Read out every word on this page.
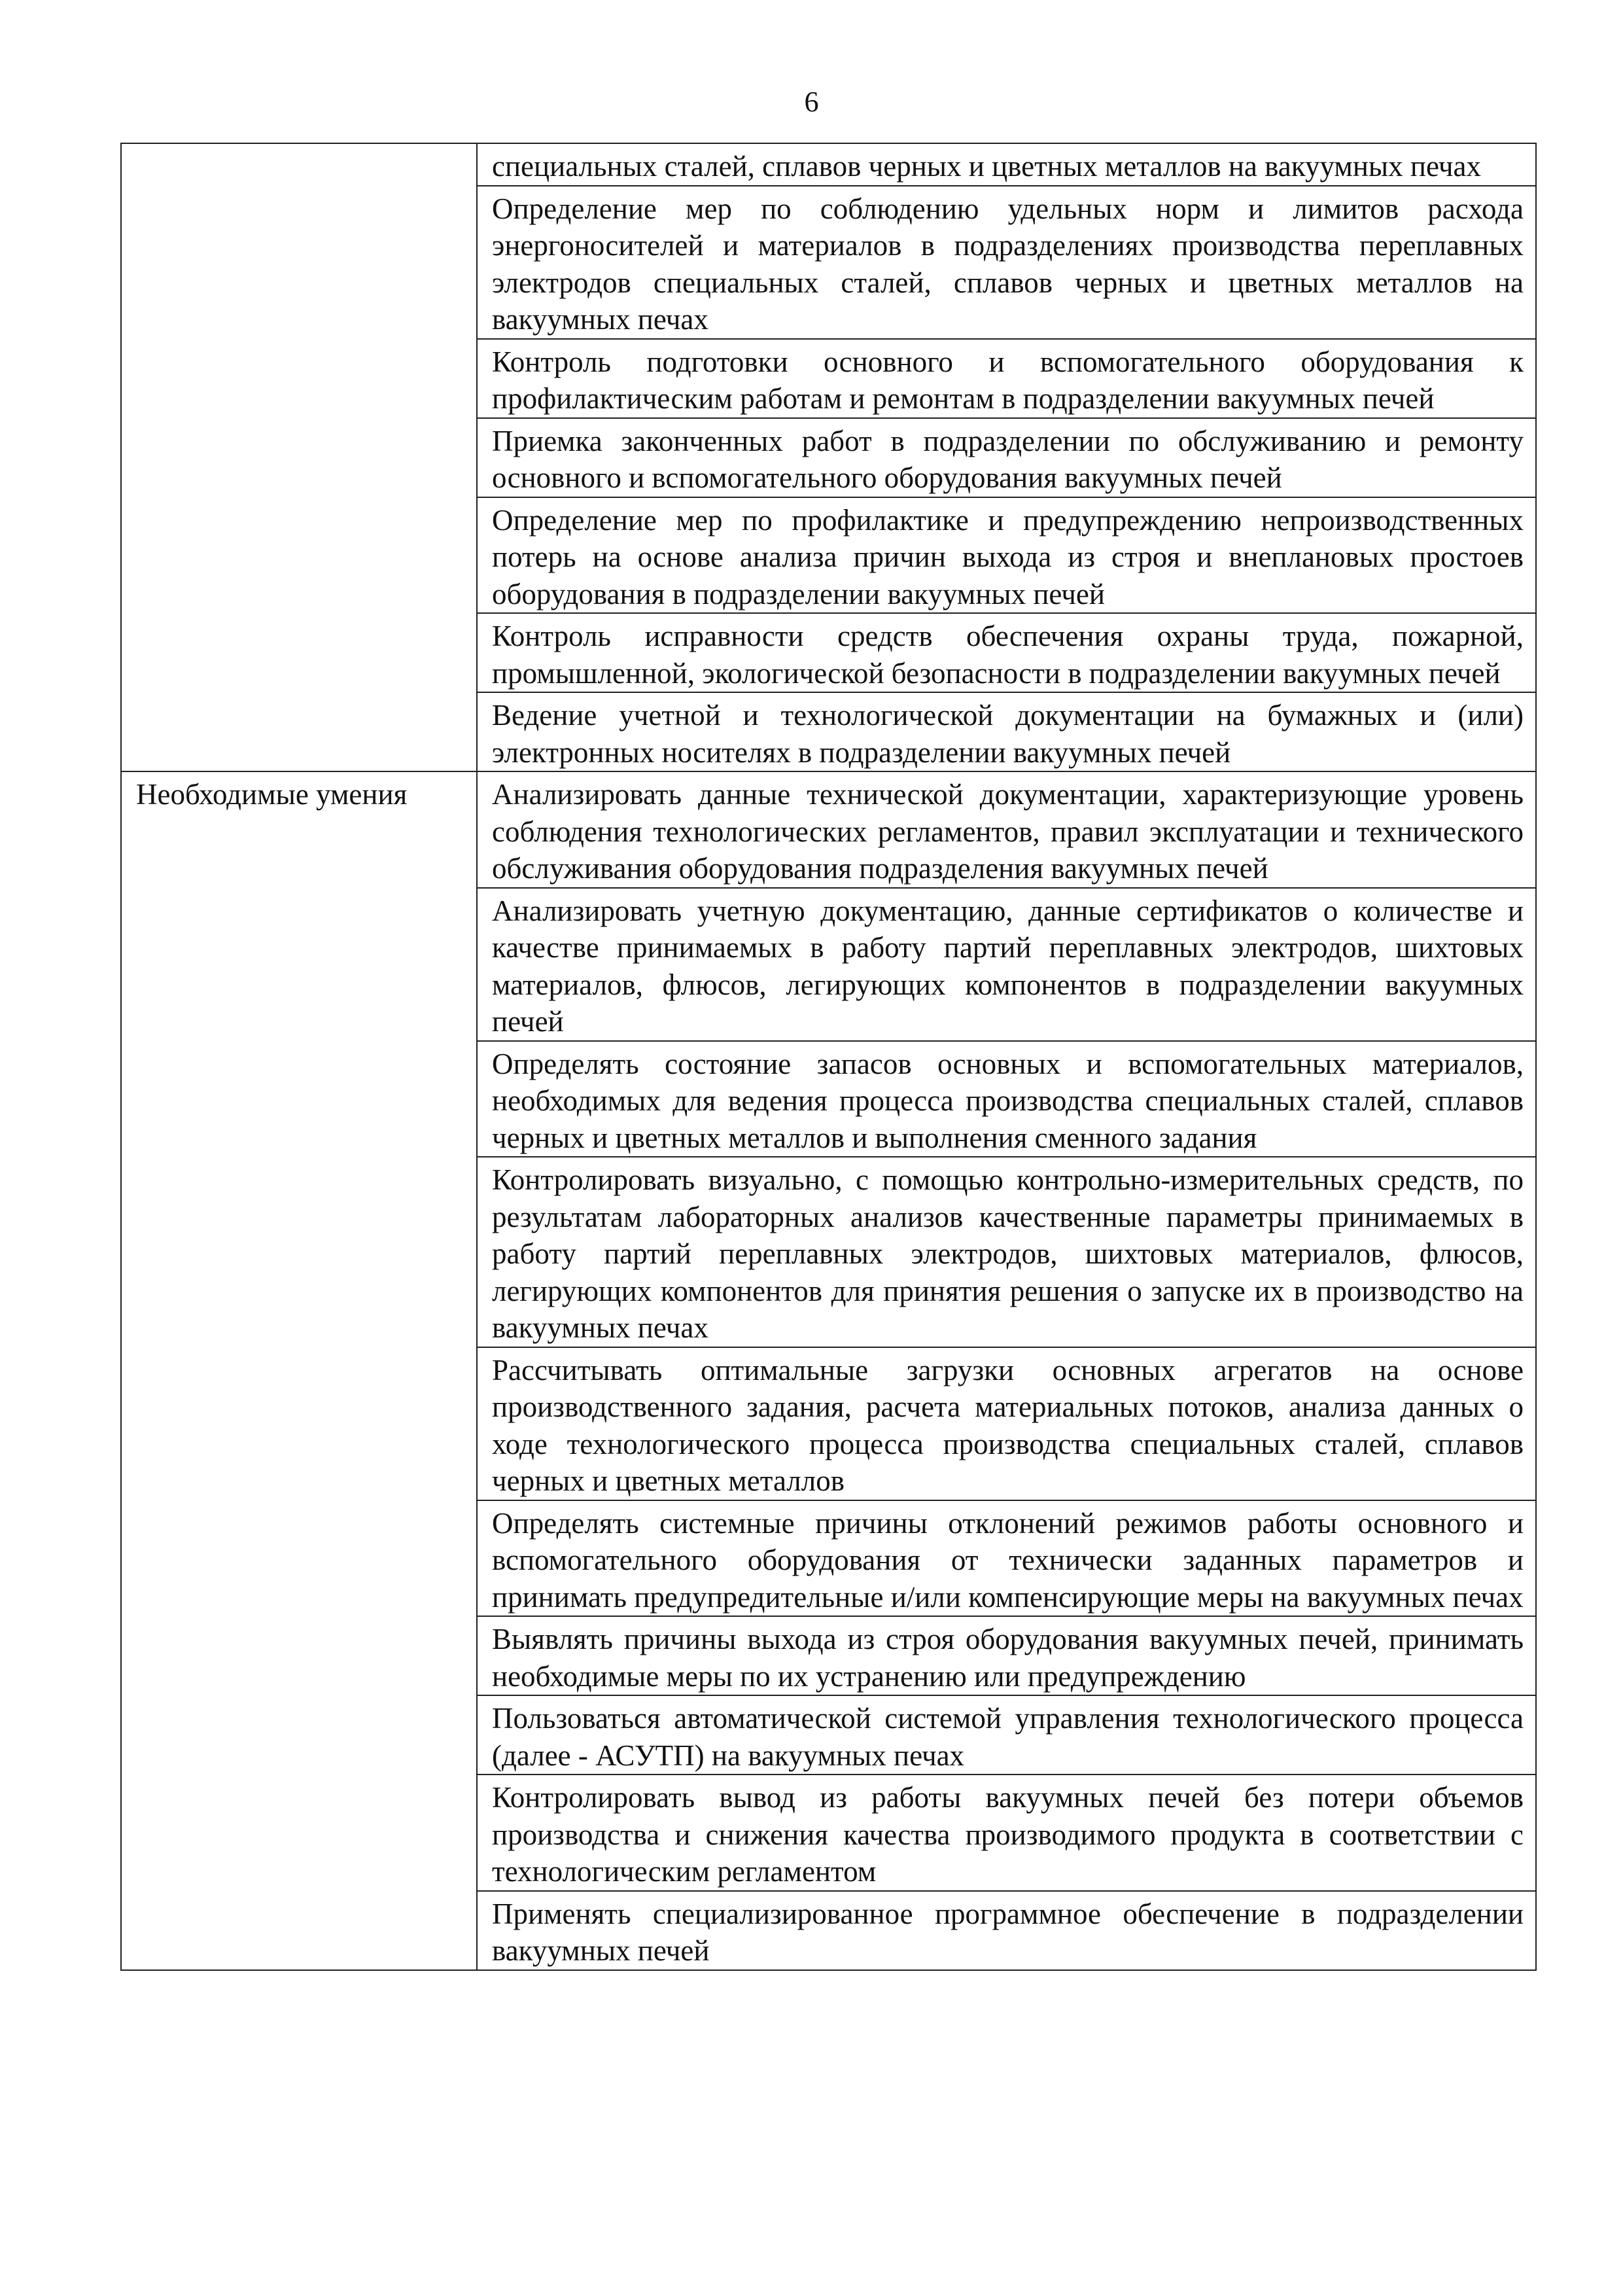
6
	специальных сталей, сплавов черных и цветных металлов на вакуумных печах
	Определение мер по соблюдению удельных норм и лимитов расхода энергоносителей и материалов в подразделениях производства переплавных электродов специальных сталей, сплавов черных и цветных металлов на вакуумных печах
	Контроль подготовки основного и вспомогательного оборудования к профилактическим работам и ремонтам в подразделении вакуумных печей
	Приемка законченных работ в подразделении по обслуживанию и ремонту основного и вспомогательного оборудования вакуумных печей
	Определение мер по профилактике и предупреждению непроизводственных потерь на основе анализа причин выхода из строя и внеплановых простоев оборудования в подразделении вакуумных печей
	Контроль исправности средств обеспечения охраны труда, пожарной, промышленной, экологической безопасности в подразделении вакуумных печей
	Ведение учетной и технологической документации на бумажных и (или) электронных носителях в подразделении вакуумных печей
Необходимые умения	Анализировать данные технической документации, характеризующие уровень соблюдения технологических регламентов, правил эксплуатации и технического обслуживания оборудования подразделения вакуумных печей
	Анализировать учетную документацию, данные сертификатов о количестве и качестве принимаемых в работу партий переплавных электродов, шихтовых материалов, флюсов, легирующих компонентов в подразделении вакуумных печей
	Определять состояние запасов основных и вспомогательных материалов, необходимых для ведения процесса производства специальных сталей, сплавов черных и цветных металлов и выполнения сменного задания
	Контролировать визуально, с помощью контрольно-измерительных средств, по результатам лабораторных анализов качественные параметры принимаемых в работу партий переплавных электродов, шихтовых материалов, флюсов, легирующих компонентов для принятия решения о запуске их в производство на вакуумных печах
	Рассчитывать оптимальные загрузки основных агрегатов на основе производственного задания, расчета материальных потоков, анализа данных о ходе технологического процесса производства специальных сталей, сплавов черных и цветных металлов
	Определять системные причины отклонений режимов работы основного и вспомогательного оборудования от технически заданных параметров и принимать предупредительные и/или компенсирующие меры на вакуумных печах
	Выявлять причины выхода из строя оборудования вакуумных печей, принимать необходимые меры по их устранению или предупреждению
	Пользоваться автоматической системой управления технологического процесса (далее - АСУТП) на вакуумных печах
	Контролировать вывод из работы вакуумных печей без потери объемов производства и снижения качества производимого продукта в соответствии с технологическим регламентом
	Применять специализированное программное обеспечение в подразделении вакуумных печей
